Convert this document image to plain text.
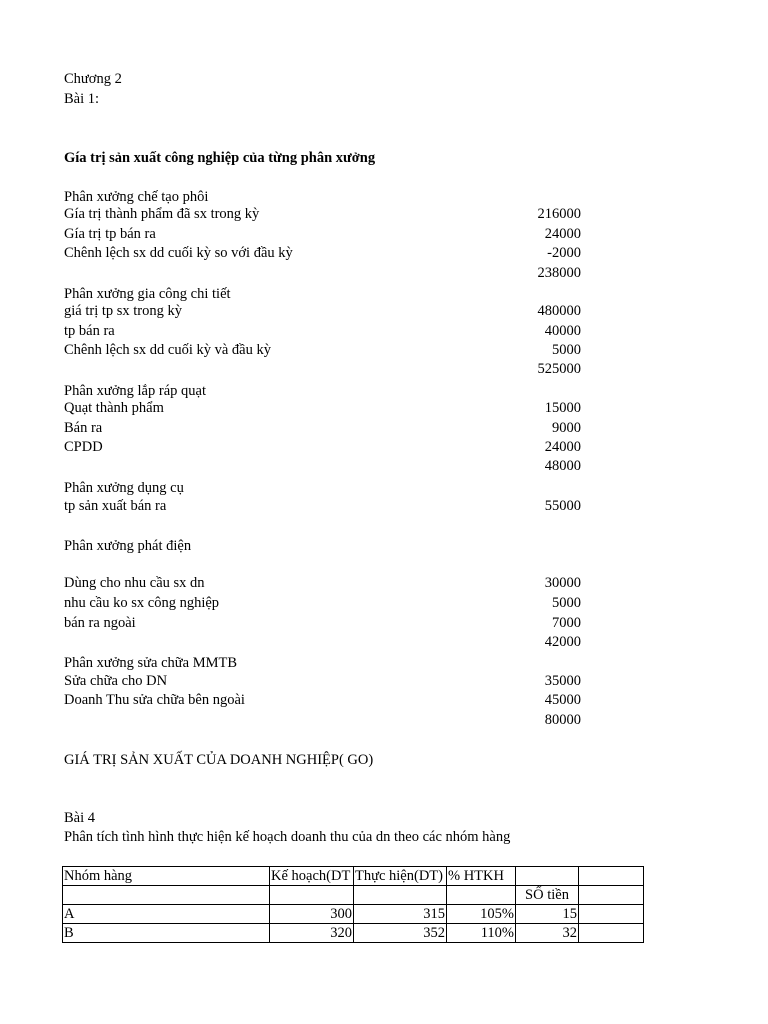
Chương 2
Bài 1:
Gía trị sản xuất công nghiệp của từng phân xưởng
Phân xưởng chế tạo phôi
Gía trị thành phẩm đã sx trong kỳ	216000
Gía trị tp bán ra	24000
Chênh lệch sx dd cuối kỳ so với đầu kỳ	-2000
238000
Phân xưởng gia công chi tiết
giá trị tp sx trong kỳ	480000
tp bán ra	40000
Chênh lệch sx dd cuối kỳ và đầu kỳ	5000
525000
Phân xưởng lắp ráp quạt
Quạt thành phẩm	15000
Bán ra	9000
CPDD	24000
48000
Phân xưởng dụng cụ
tp sản xuất bán ra	55000
Phân xưởng phát điện
Dùng cho nhu cầu sx dn	30000
nhu cầu ko sx công nghiệp	5000
bán ra ngoài	7000
42000
Phân xưởng sửa chữa MMTB
Sửa chữa cho DN	35000
Doanh Thu sửa chữa bên ngoài	45000
80000
GIÁ TRỊ SẢN XUẤT CỦA DOANH NGHIỆP( GO)
Bài 4
Phân tích tình hình thực hiện kế hoạch doanh thu của dn theo các nhóm hàng
Nhóm hàng	Kế hoạch(DT	Thực hiện(DT)	% HTKH		
				SỐ tiền	
A	300	315	105%	15	
B	320	352	110%	32	
